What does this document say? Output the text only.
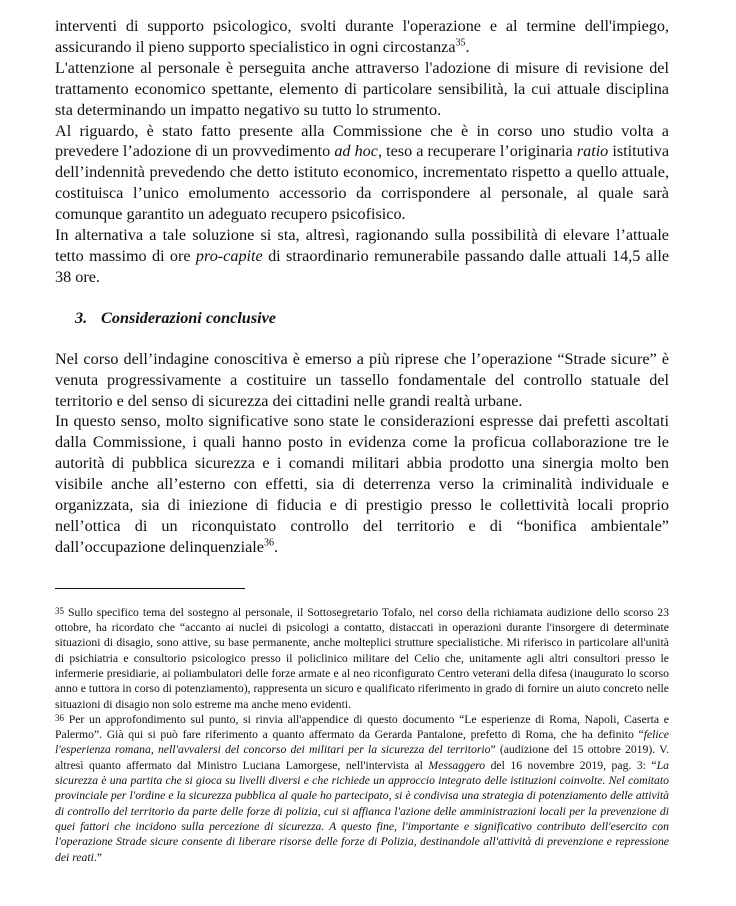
interventi di supporto psicologico, svolti durante l'operazione e al termine dell'impiego, assicurando il pieno supporto specialistico in ogni circostanza$^{35}$.

L'attenzione al personale è perseguita anche attraverso l'adozione di misure di revisione del trattamento economico spettante, elemento di particolare sensibilità, la cui attuale disciplina sta determinando un impatto negativo su tutto lo strumento.

Al riguardo, è stato fatto presente alla Commissione che è in corso uno studio volta a prevedere l’adozione di un provvedimento ad hoc, teso a recuperare l’originaria ratio istitutiva dell’indennità prevedendo che detto istituto economico, incrementato rispetto a quello attuale, costituisca l’unico emolumento accessorio da corrispondere al personale, al quale sarà comunque garantito un adeguato recupero psicofisico.

In alternativa a tale soluzione si sta, altresì, ragionando sulla possibilità di elevare l’attuale tetto massimo di ore pro-capite di straordinario remunerabile passando dalle attuali 14,5 alle 38 ore.

3. Considerazioni conclusive

Nel corso dell’indagine conoscitiva è emerso a più riprese che l’operazione “Strade sicure” è venuta progressivamente a costituire un tassello fondamentale del controllo statuale del territorio e del senso di sicurezza dei cittadini nelle grandi realtà urbane.

In questo senso, molto significative sono state le considerazioni espresse dai prefetti ascoltati dalla Commissione, i quali hanno posto in evidenza come la proficua collaborazione tre le autorità di pubblica sicurezza e i comandi militari abbia prodotto una sinergia molto ben visibile anche all’esterno con effetti, sia di deterrenza verso la criminalità individuale e organizzata, sia di iniezione di fiducia e di prestigio presso le collettività locali proprio nell’ottica di un riconquistato controllo del territorio e di “bonifica ambientale” dall’occupazione delinquenziale$^{36}$.

$^{35}$ Sullo specifico tema del sostegno al personale, il Sottosegretario Tofalo, nel corso della richiamata audizione dello scorso 23 ottobre, ha ricordato che “accanto ai nuclei di psicologi a contatto, distaccati in operazioni durante l'insorgere di determinate situazioni di disagio, sono attive, su base permanente, anche molteplici strutture specialistiche. Mi riferisco in particolare all'unità di psichiatria e consultorio psicologico presso il policlinico militare del Celio che, unitamente agli altri consultori presso le infermerie presidiarie, ai poliambulatori delle forze armate e al neo riconfigurato Centro veterani della difesa (inaugurato lo scorso anno e tuttora in corso di potenziamento), rappresenta un sicuro e qualificato riferimento in grado di fornire un aiuto concreto nelle situazioni di disagio non solo estreme ma anche meno evidenti.

$^{36}$ Per un approfondimento sul punto, si rinvia all'appendice di questo documento “Le esperienze di Roma, Napoli, Caserta e Palermo”. Già qui si può fare riferimento a quanto affermato da Gerarda Pantalone, prefetto di Roma, che ha definito “felice l'esperienza romana, nell'avvalersi del concorso dei militari per la sicurezza del territorio” (audizione del 15 ottobre 2019). V. altresì quanto affermato dal Ministro Luciana Lamorgese, nell'intervista al Messaggero del 16 novembre 2019, pag. 3: “La sicurezza è una partita che si gioca su livelli diversi e che richiede un approccio integrato delle istituzioni coinvolte. Nel comitato provinciale per l'ordine e la sicurezza pubblica al quale ho partecipato, si è condivisa una strategia di potenziamento delle attività di controllo del territorio da parte delle forze di polizia, cui si affianca l'azione delle amministrazioni locali per la prevenzione di quei fattori che incidono sulla percezione di sicurezza. A questo fine, l'importante e significativo contributo dell'esercito con l'operazione Strade sicure consente di liberare risorse delle forze di Polizia, destinandole all'attività di prevenzione e repressione dei reati.”
